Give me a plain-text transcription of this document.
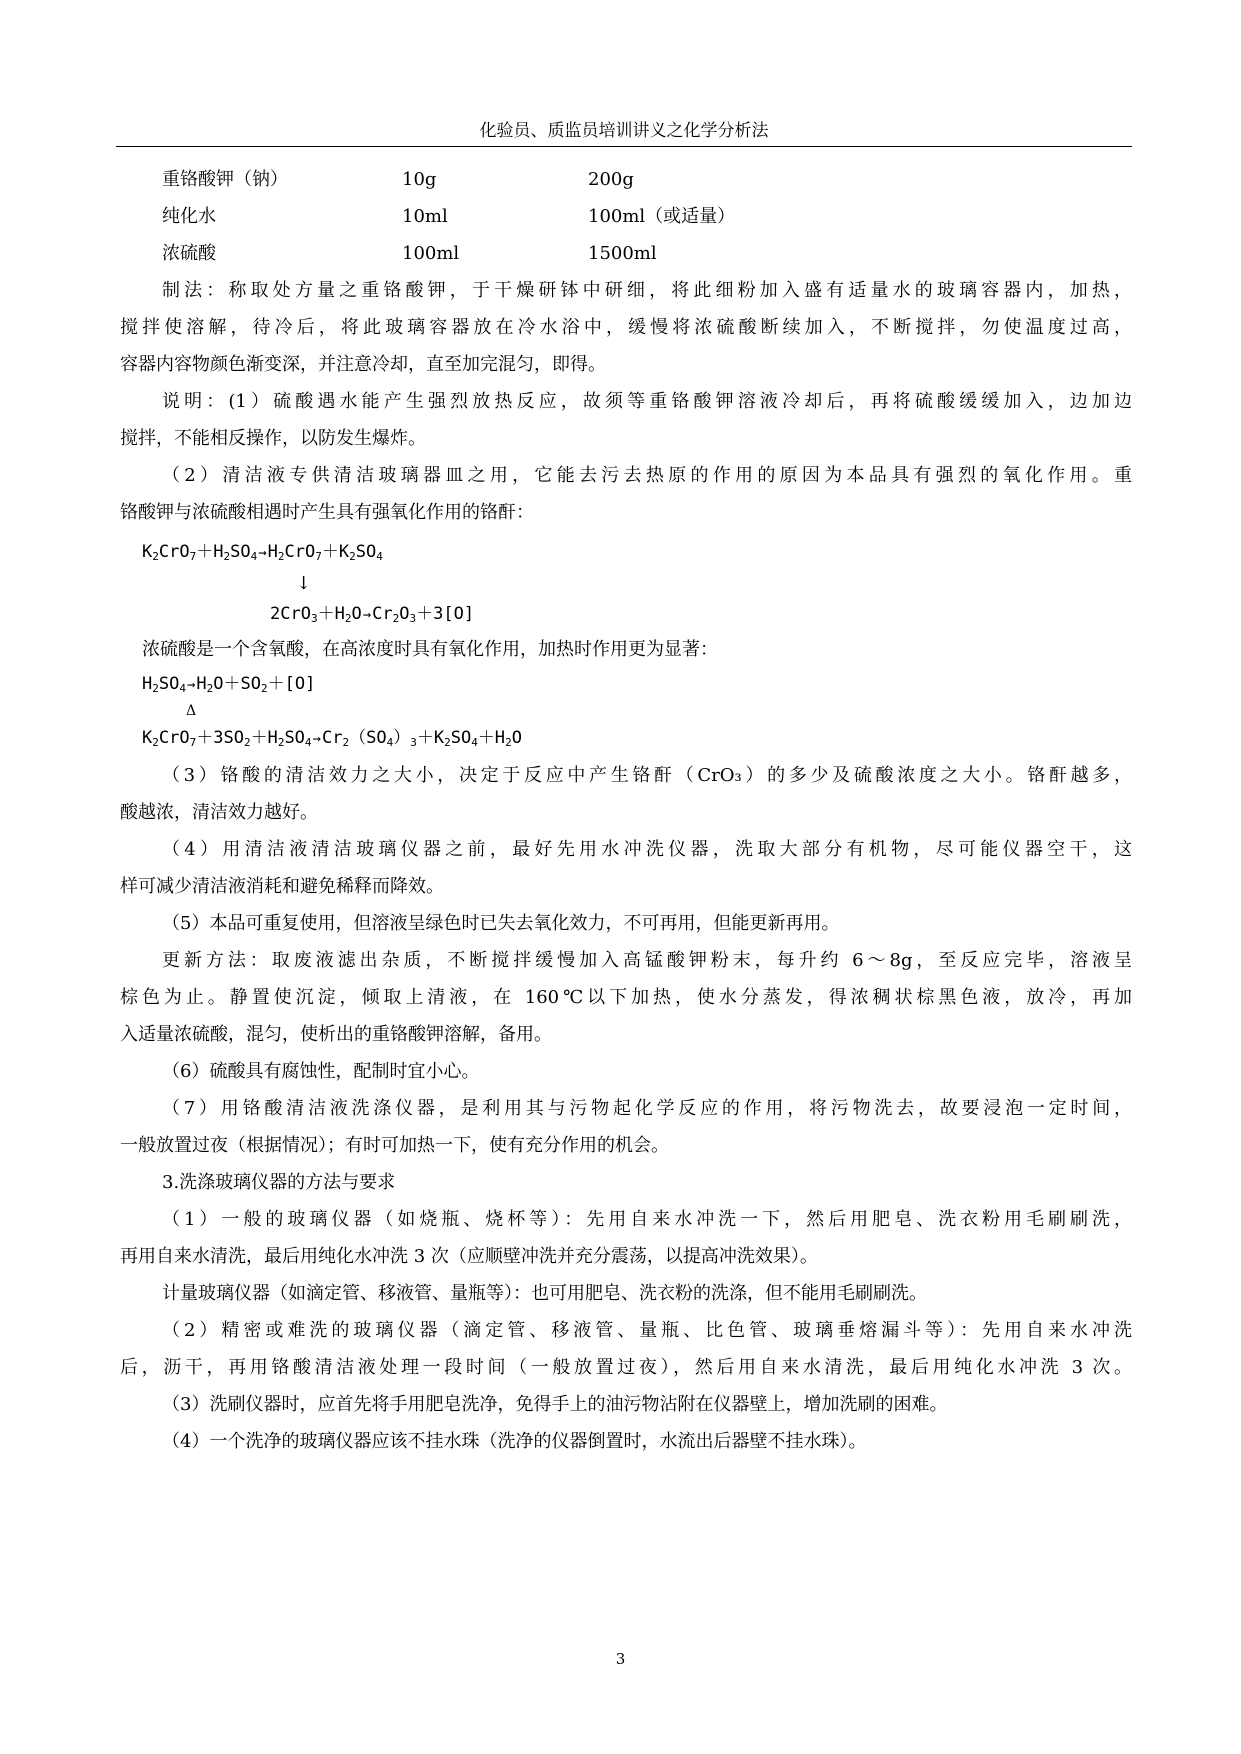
化验员、质监员培训讲义之化学分析法
重铬酸钾（钠）	10g	200g
纯化水	10ml	100ml（或适量）
浓硫酸	100ml	1500ml
制法：称取处方量之重铬酸钾，于干燥研钵中研细，将此细粉加入盛有适量水的玻璃容器内，加热，
搅拌使溶解，待冷后，将此玻璃容器放在冷水浴中，缓慢将浓硫酸断续加入，不断搅拌，勿使温度过高，
容器内容物颜色渐变深，并注意冷却，直至加完混匀，即得。
说明：(1）硫酸遇水能产生强烈放热反应，故须等重铬酸钾溶液冷却后，再将硫酸缓缓加入，边加边
搅拌，不能相反操作，以防发生爆炸。
（2）清洁液专供清洁玻璃器皿之用，它能去污去热原的作用的原因为本品具有强烈的氧化作用。重
铬酸钾与浓硫酸相遇时产生具有强氧化作用的铬酐：
$K_2CrO_7+H_2SO_4\to H_2CrO_7+K_2SO_4$
↓
$2CrO_3+H_2O\to Cr_2O_3+3[O]$
浓硫酸是一个含氧酸，在高浓度时具有氧化作用，加热时作用更为显著：
$H_2SO_4\to H_2O+SO_2+[O]$
Δ
$K_2CrO_7+3SO_2+H_2SO_4\to Cr_2(SO_4)_3+K_2SO_4+H_2O$
（3）铬酸的清洁效力之大小，决定于反应中产生铬酐（CrO₃）的多少及硫酸浓度之大小。铬酐越多，
酸越浓，清洁效力越好。
（4）用清洁液清洁玻璃仪器之前，最好先用水冲洗仪器，洗取大部分有机物，尽可能仪器空干，这
样可减少清洁液消耗和避免稀释而降效。
（5）本品可重复使用，但溶液呈绿色时已失去氧化效力，不可再用，但能更新再用。
更新方法：取废液滤出杂质，不断搅拌缓慢加入高锰酸钾粉末，每升约 6～8g，至反应完毕，溶液呈
棕色为止。静置使沉淀，倾取上清液，在 160℃以下加热，使水分蒸发，得浓稠状棕黑色液，放冷，再加
入适量浓硫酸，混匀，使析出的重铬酸钾溶解，备用。
（6）硫酸具有腐蚀性，配制时宜小心。
（7）用铬酸清洁液洗涤仪器，是利用其与污物起化学反应的作用，将污物洗去，故要浸泡一定时间，
一般放置过夜（根据情况）；有时可加热一下，使有充分作用的机会。
3.洗涤玻璃仪器的方法与要求
（1）一般的玻璃仪器（如烧瓶、烧杯等）：先用自来水冲洗一下，然后用肥皂、洗衣粉用毛刷刷洗，
再用自来水清洗，最后用纯化水冲洗 3 次（应顺壁冲洗并充分震荡，以提高冲洗效果）。
计量玻璃仪器（如滴定管、移液管、量瓶等）：也可用肥皂、洗衣粉的洗涤，但不能用毛刷刷洗。
（2）精密或难洗的玻璃仪器（滴定管、移液管、量瓶、比色管、玻璃垂熔漏斗等）：先用自来水冲洗
后，沥干，再用铬酸清洁液处理一段时间（一般放置过夜），然后用自来水清洗，最后用纯化水冲洗 3 次。
（3）洗刷仪器时，应首先将手用肥皂洗净，免得手上的油污物沾附在仪器壁上，增加洗刷的困难。
（4）一个洗净的玻璃仪器应该不挂水珠（洗净的仪器倒置时，水流出后器壁不挂水珠）。
3
